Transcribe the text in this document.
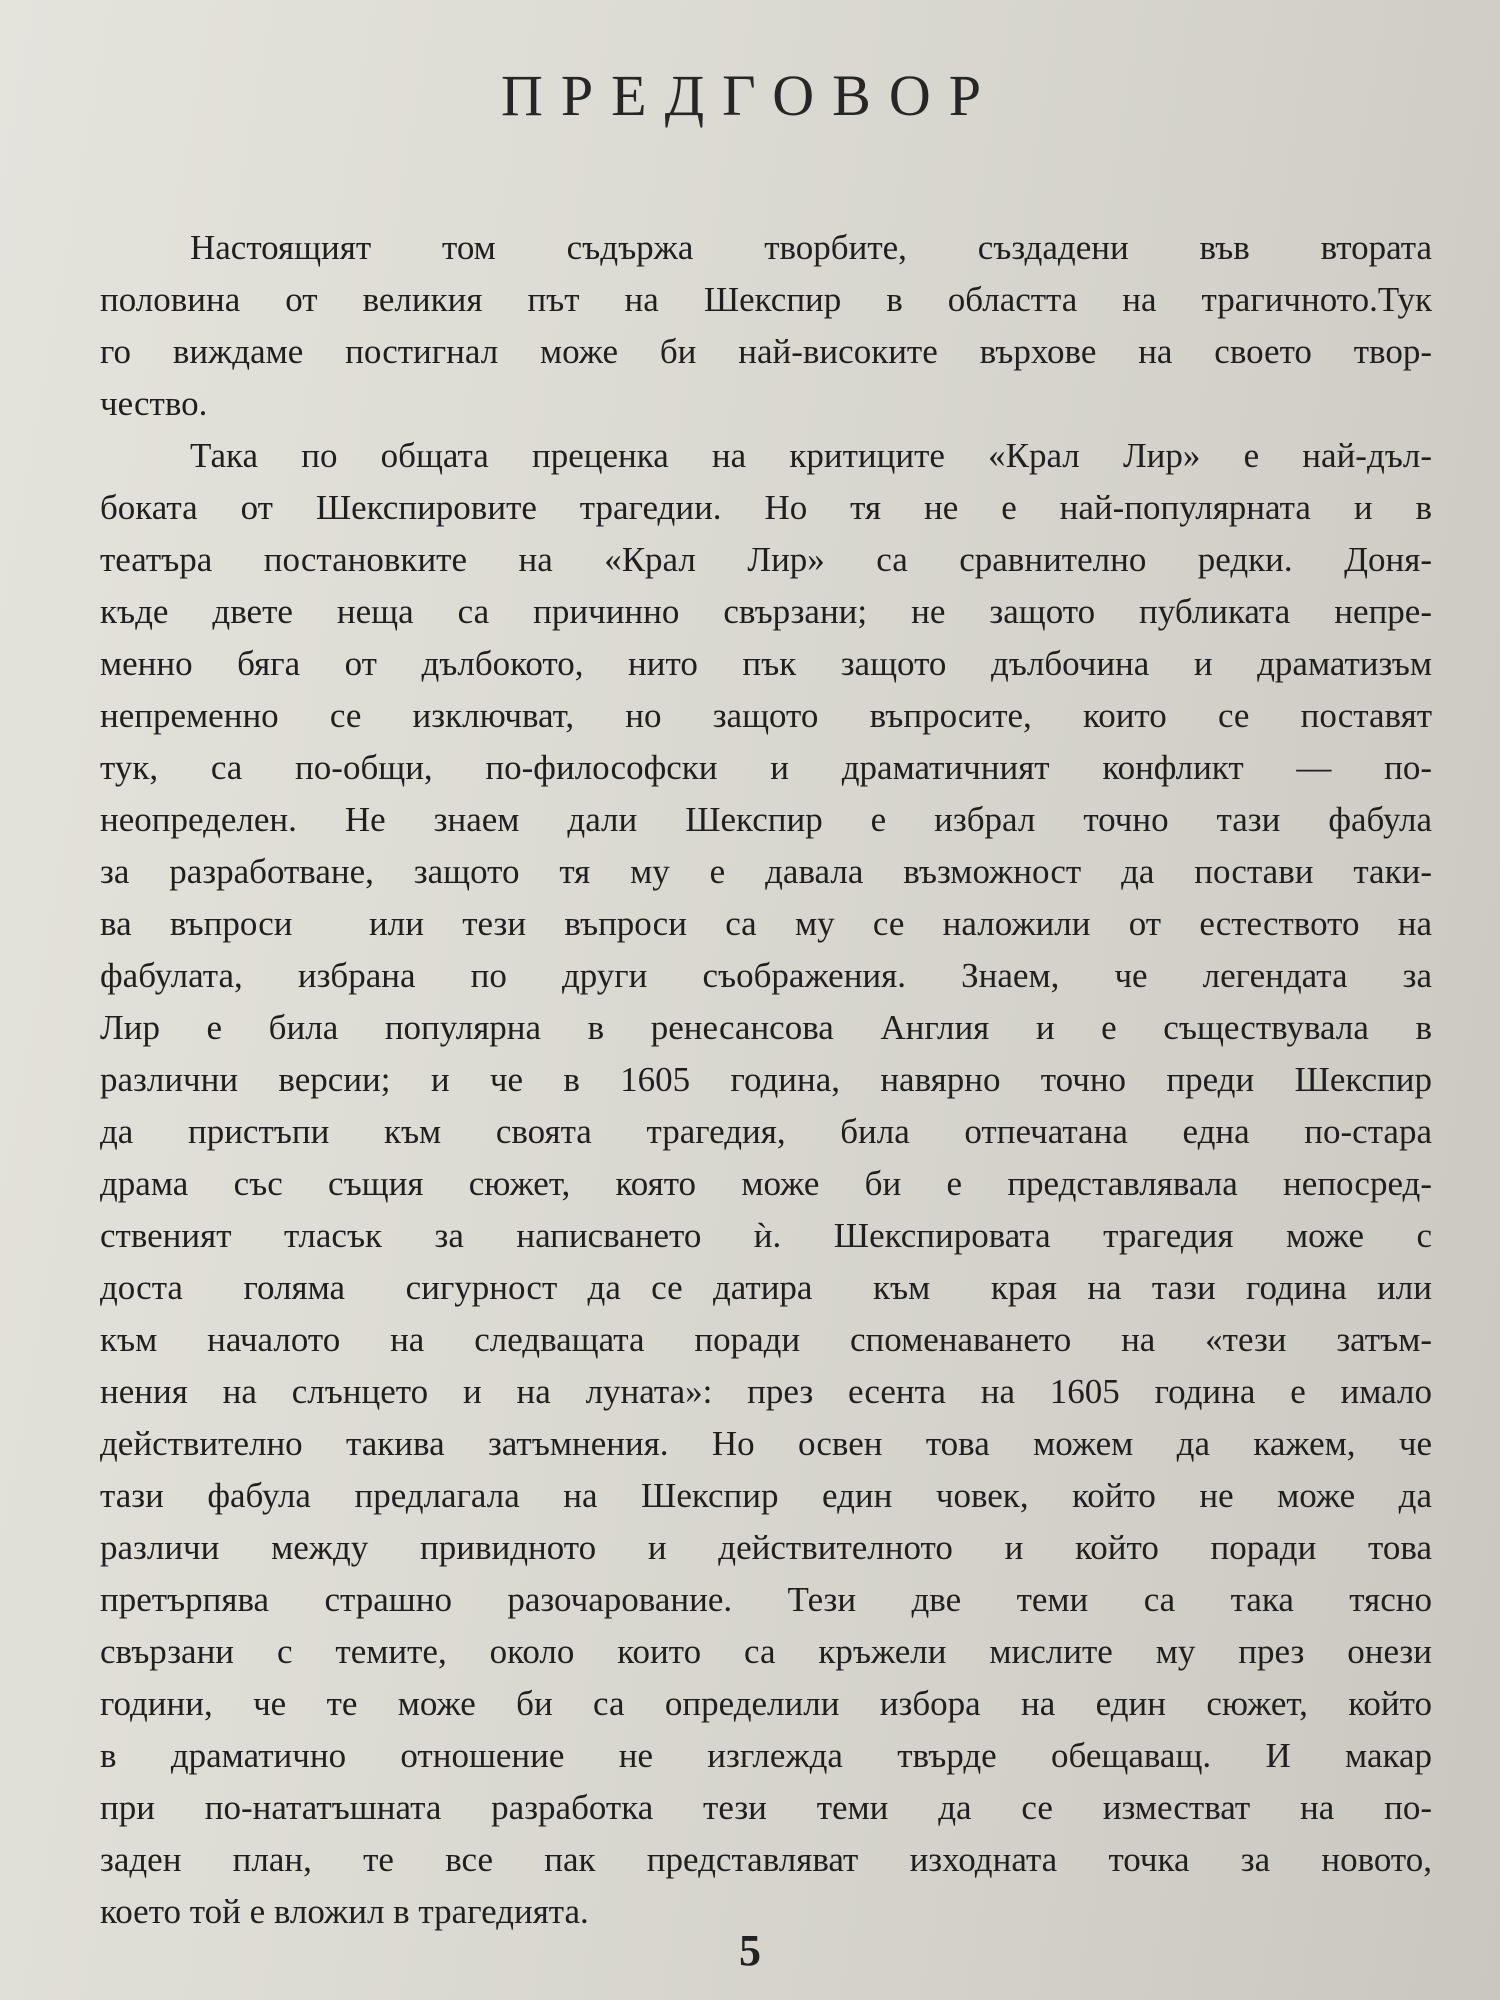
ПРЕДГОВОР
Настоящият том съдържа творбите, създадени във втората
половина от великия път на Шекспир в областта на трагичното.Тук
го виждаме постигнал може би най-високите върхове на своето твор-
чество.
Така по общата преценка на критиците «Крал Лир» е най-дъл-
боката от Шекспировите трагедии. Но тя не е най-популярната и в
театъра постановките на «Крал Лир» са сравнително редки. Доня-
къде двете неща са причинно свързани; не защото публиката непре-
менно бяга от дълбокото, нито пък защото дълбочина и драматизъм
непременно се изключват, но защото въпросите, които се поставят
тук, са по-общи, по-философски и драматичният конфликт — по-
неопределен. Не знаем дали Шекспир е избрал точно тази фабула
за разработване, защото тя му е давала възможност да постави таки-
ва въпроси  или тези въпроси са му се наложили от естеството на
фабулата, избрана по други съображения. Знаем, че легендата за
Лир е била популярна в ренесансова Англия и е съществувала в
различни версии; и че в 1605 година, навярно точно преди Шекспир
да пристъпи към своята трагедия, била отпечатана една по-стара
драма със същия сюжет, която може би е представлявала непосред-
ственият тласък за написването ѝ. Шекспировата трагедия може с
доста  голяма  сигурност да се датира  към  края на тази година или
към началото на следващата поради споменаването на «тези затъм-
нения на слънцето и на луната»: през есента на 1605 година е имало
действително такива затъмнения. Но освен това можем да кажем, че
тази фабула предлагала на Шекспир един човек, който не може да
различи между привидното и действителното и който поради това
претърпява страшно разочарование. Тези две теми са така тясно
свързани с темите, около които са кръжели мислите му през онези
години, че те може би са определили избора на един сюжет, който
в драматично отношение не изглежда твърде обещаващ. И макар
при по-нататъшната разработка тези теми да се изместват на по-
заден план, те все пак представляват изходната точка за новото,
което той е вложил в трагедията.
5
